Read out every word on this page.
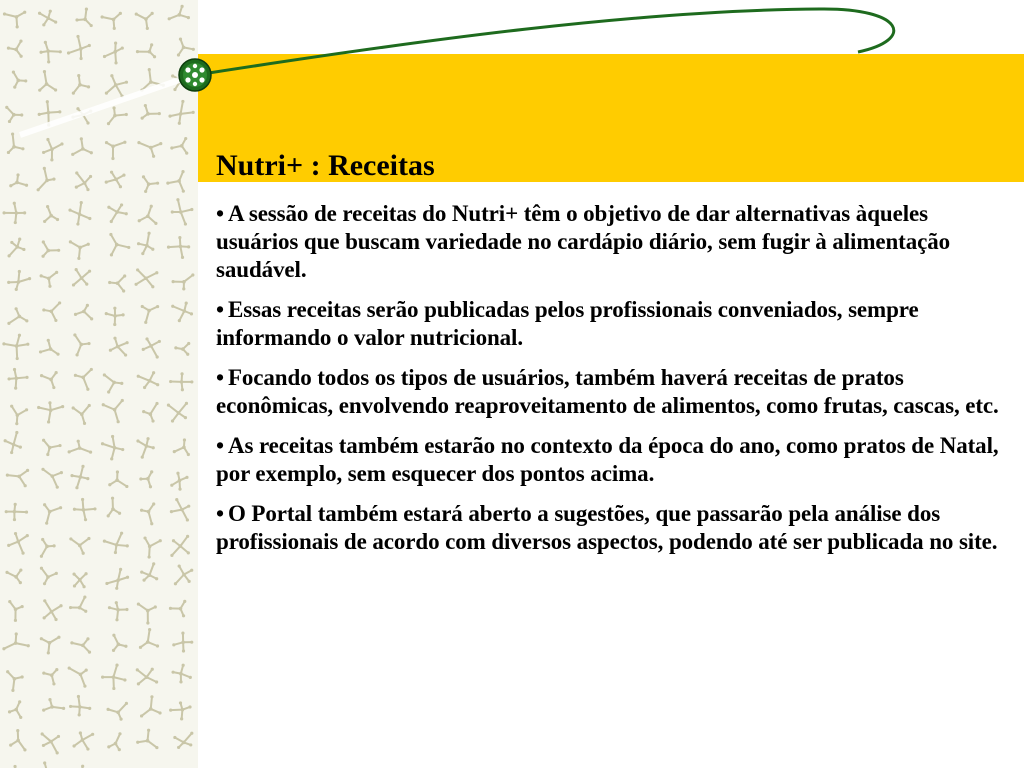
Nutri+ : Receitas
• A sessão de receitas do Nutri+ têm o objetivo de dar alternativas àqueles usuários que buscam variedade no cardápio diário, sem fugir à alimentação saudável.
• Essas receitas serão publicadas pelos profissionais conveniados, sempre informando o valor nutricional.
• Focando todos os tipos de usuários, também haverá receitas de pratos econômicas, envolvendo reaproveitamento de alimentos, como frutas, cascas, etc.
• As receitas também estarão no contexto da época do ano, como pratos de Natal, por exemplo, sem esquecer dos pontos acima.
• O Portal também estará aberto a sugestões, que passarão pela análise dos profissionais de acordo com diversos aspectos, podendo até ser publicada no site.
